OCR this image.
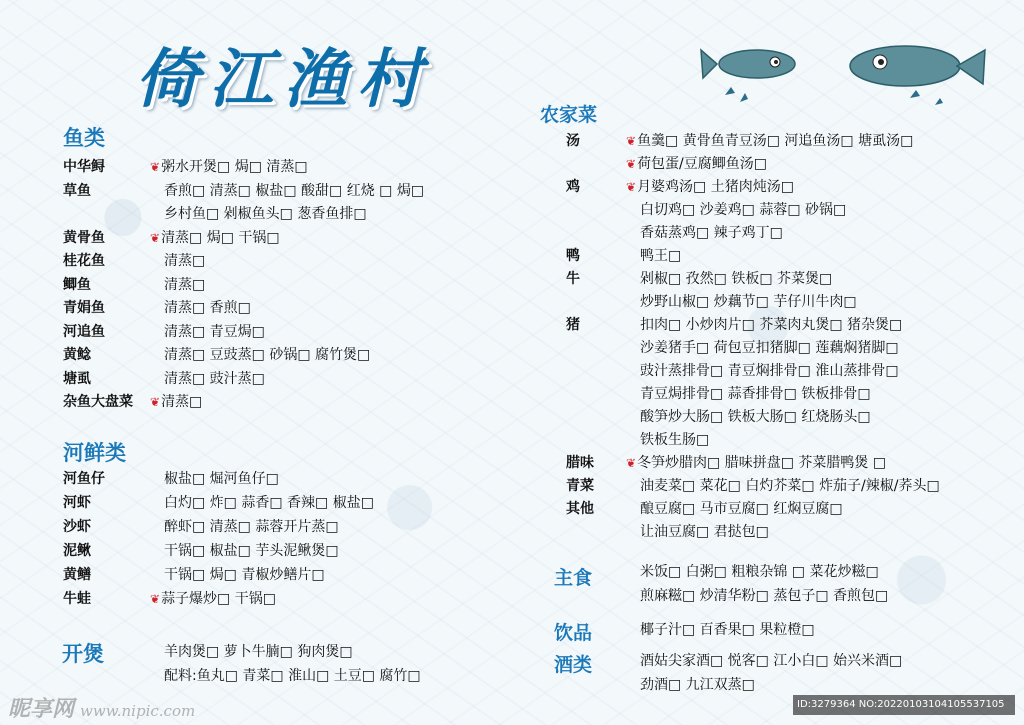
倚江渔村
鱼类
中华鲟	❦粥水开煲□ 焗□ 清蒸□
草鱼	香煎□ 清蒸□ 椒盐□ 酸甜□ 红烧 □ 焗□
乡村鱼□ 剁椒鱼头□ 葱香鱼排□
黄骨鱼	❦清蒸□ 焗□ 干锅□
桂花鱼	清蒸□
鲫鱼	清蒸□
青娟鱼	清蒸□ 香煎□
河追鱼	清蒸□ 青豆焗□
黄鲶	清蒸□ 豆豉蒸□ 砂锅□ 腐竹煲□
塘虱	清蒸□ 豉汁蒸□
杂鱼大盘菜 ❦清蒸□
河鲜类
河鱼仔	椒盐□ 煀河鱼仔□
河虾	白灼□ 炸□ 蒜香□ 香辣□ 椒盐□
沙虾	醉虾□ 清蒸□ 蒜蓉开片蒸□
泥鳅	干锅□ 椒盐□ 芋头泥鳅煲□
黄鳝	干锅□ 焗□ 青椒炒鳝片□
牛蛙	❦蒜子爆炒□ 干锅□
开煲	羊肉煲□ 萝卜牛腩□ 狗肉煲□
配料:鱼丸□ 青菜□ 淮山□ 土豆□ 腐竹□
农家菜
汤	❦鱼羹□ 黄骨鱼青豆汤□ 河追鱼汤□ 塘虱汤□
❦荷包蛋/豆腐鲫鱼汤□
鸡	❦月婆鸡汤□ 土猪肉炖汤□
白切鸡□ 沙姜鸡□ 蒜蓉□ 砂锅□
香菇蒸鸡□ 辣子鸡丁□
鸭	鸭王□
牛	剁椒□ 孜然□ 铁板□ 芥菜煲□
炒野山椒□ 炒藕节□ 芋仔川牛肉□
猪	扣肉□ 小炒肉片□ 芥菜肉丸煲□ 猪杂煲□
沙姜猪手□ 荷包豆扣猪脚□ 莲藕焖猪脚□
豉汁蒸排骨□ 青豆焖排骨□ 淮山蒸排骨□
青豆焗排骨□ 蒜香排骨□ 铁板排骨□
酸笋炒大肠□ 铁板大肠□ 红烧肠头□
铁板生肠□
腊味	❦冬笋炒腊肉□ 腊味拼盘□ 芥菜腊鸭煲 □
青菜	油麦菜□ 菜花□ 白灼芥菜□ 炸茄子/辣椒/荞头□
其他	酿豆腐□ 马市豆腐□ 红焖豆腐□
让油豆腐□ 君挞包□
主食	米饭□ 白粥□ 粗粮杂锦 □ 菜花炒糍□
煎麻糍□ 炒清华粉□ 蒸包子□ 香煎包□
饮品	椰子汁□ 百香果□ 果粒橙□
酒类	酒姑尖家酒□ 悦客□ 江小白□ 始兴米酒□
劲酒□ 九江双蒸□
昵享网 www.nipic.com	ID:3279364 NO:20220103104105537105
